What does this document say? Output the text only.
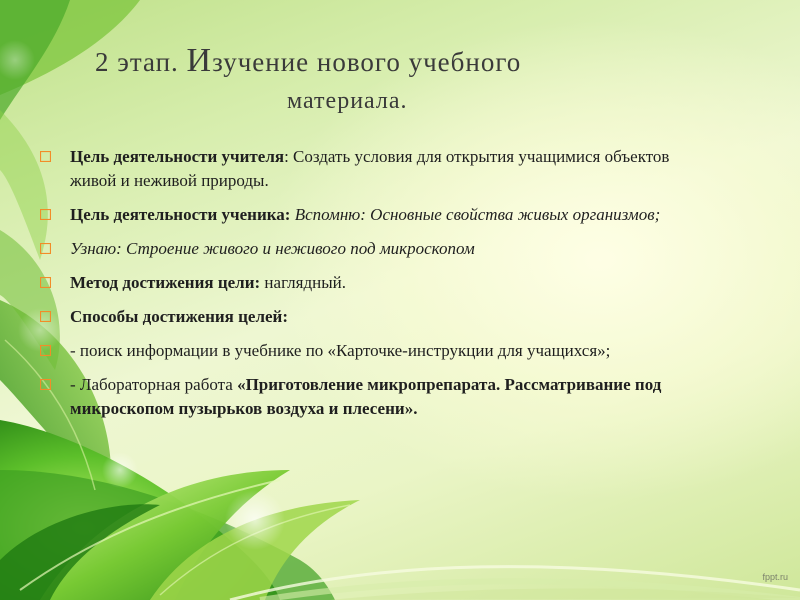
2 этап. Изучение нового учебного
материала.
Цель деятельности учителя: Создать условия для открытия учащимися объектов живой и неживой природы.
Цель деятельности ученика: Вспомню: Основные свойства живых организмов;
Узнаю: Строение живого и неживого под микроскопом
Метод достижения цели: наглядный.
Способы достижения целей:
- поиск информации в учебнике по «Карточке-инструкции для учащихся»;
- Лабораторная работа «Приготовление микропрепарата. Рассматривание под микроскопом пузырьков воздуха и плесени».
fppt.ru
